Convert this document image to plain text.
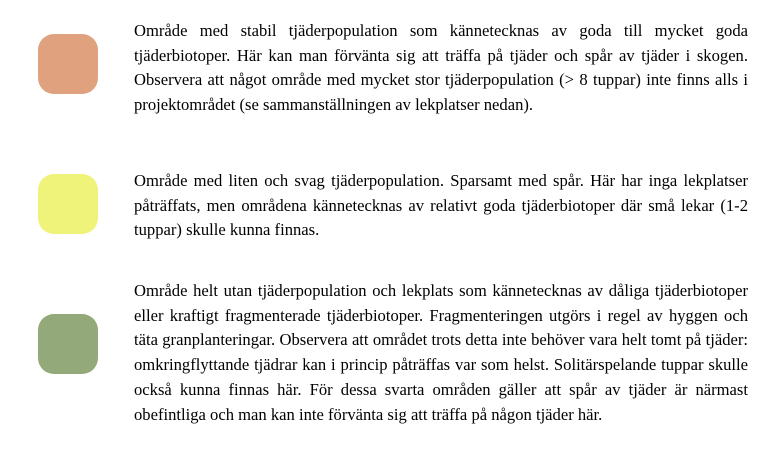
Område med stabil tjäderpopulation som kännetecknas av goda till mycket goda tjäderbiotoper. Här kan man förvänta sig att träffa på tjäder och spår av tjäder i skogen. Observera att något område med mycket stor tjäderpopulation (> 8 tuppar) inte finns alls i projektområdet (se sammanställningen av lekplatser nedan).

Område med liten och svag tjäderpopulation. Sparsamt med spår. Här har inga lekplatser påträffats, men områdena kännetecknas av relativt goda tjäderbiotoper där små lekar (1-2 tuppar) skulle kunna finnas.

Område helt utan tjäderpopulation och lekplats som kännetecknas av dåliga tjäderbiotoper eller kraftigt fragmenterade tjäderbiotoper. Fragmenteringen utgörs i regel av hyggen och täta granplanteringar. Observera att området trots detta inte behöver vara helt tomt på tjäder: omkringflyttande tjädrar kan i princip påträffas var som helst. Solitärspelande tuppar skulle också kunna finnas här. För dessa svarta områden gäller att spår av tjäder är närmast obefintliga och man kan inte förvänta sig att träffa på någon tjäder här.
